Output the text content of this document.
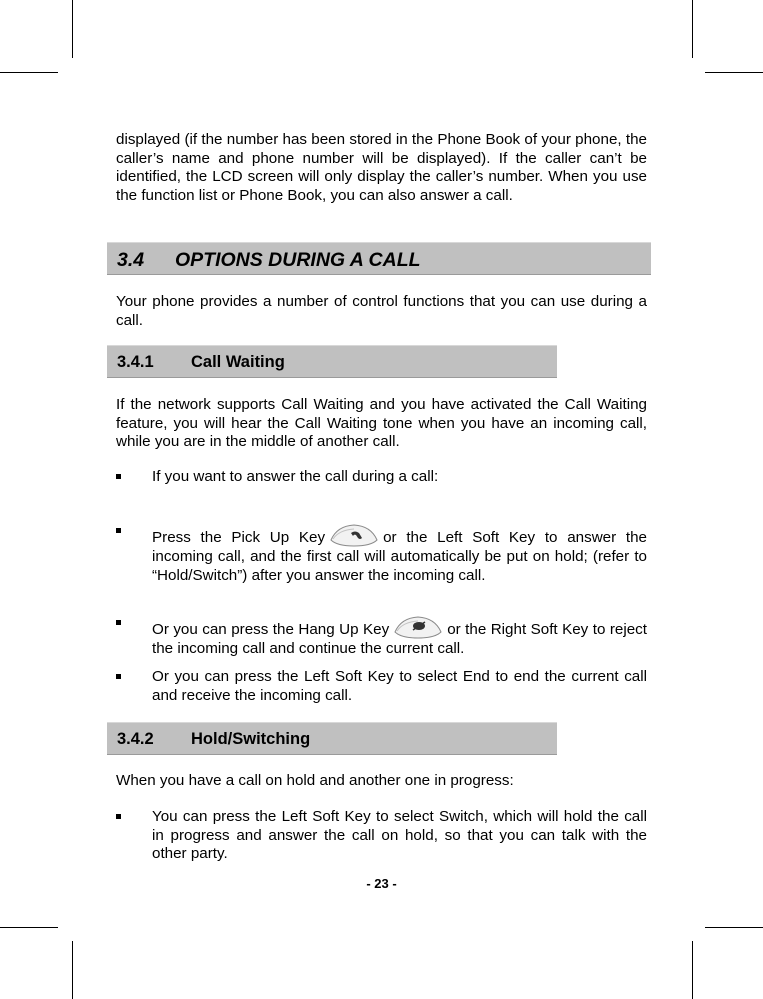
displayed (if the number has been stored in the Phone Book of your phone, the caller’s name and phone number will be displayed). If the caller can’t be identified, the LCD screen will only display the caller’s number. When you use the function list or Phone Book, you can also answer a call.

3.4 OPTIONS DURING A CALL

Your phone provides a number of control functions that you can use during a call.

3.4.1 Call Waiting

If the network supports Call Waiting and you have activated the Call Waiting feature, you will hear the Call Waiting tone when you have an incoming call, while you are in the middle of another call.

If you want to answer the call during a call:
Press the Pick Up Key	or the Left Soft Key to answer the incoming call, and the first call will automatically be put on hold; (refer to “Hold/Switch”) after you answer the incoming call.
Or you can press the Hang Up Key	or the Right Soft Key to reject the incoming call and continue the current call.
Or you can press the Left Soft Key to select End to end the current call and receive the incoming call.
3.4.2 Hold/Switching

When you have a call on hold and another one in progress:

You can press the Left Soft Key to select Switch, which will hold the call in progress and answer the call on hold, so that you can talk with the other party.
- 23 -
